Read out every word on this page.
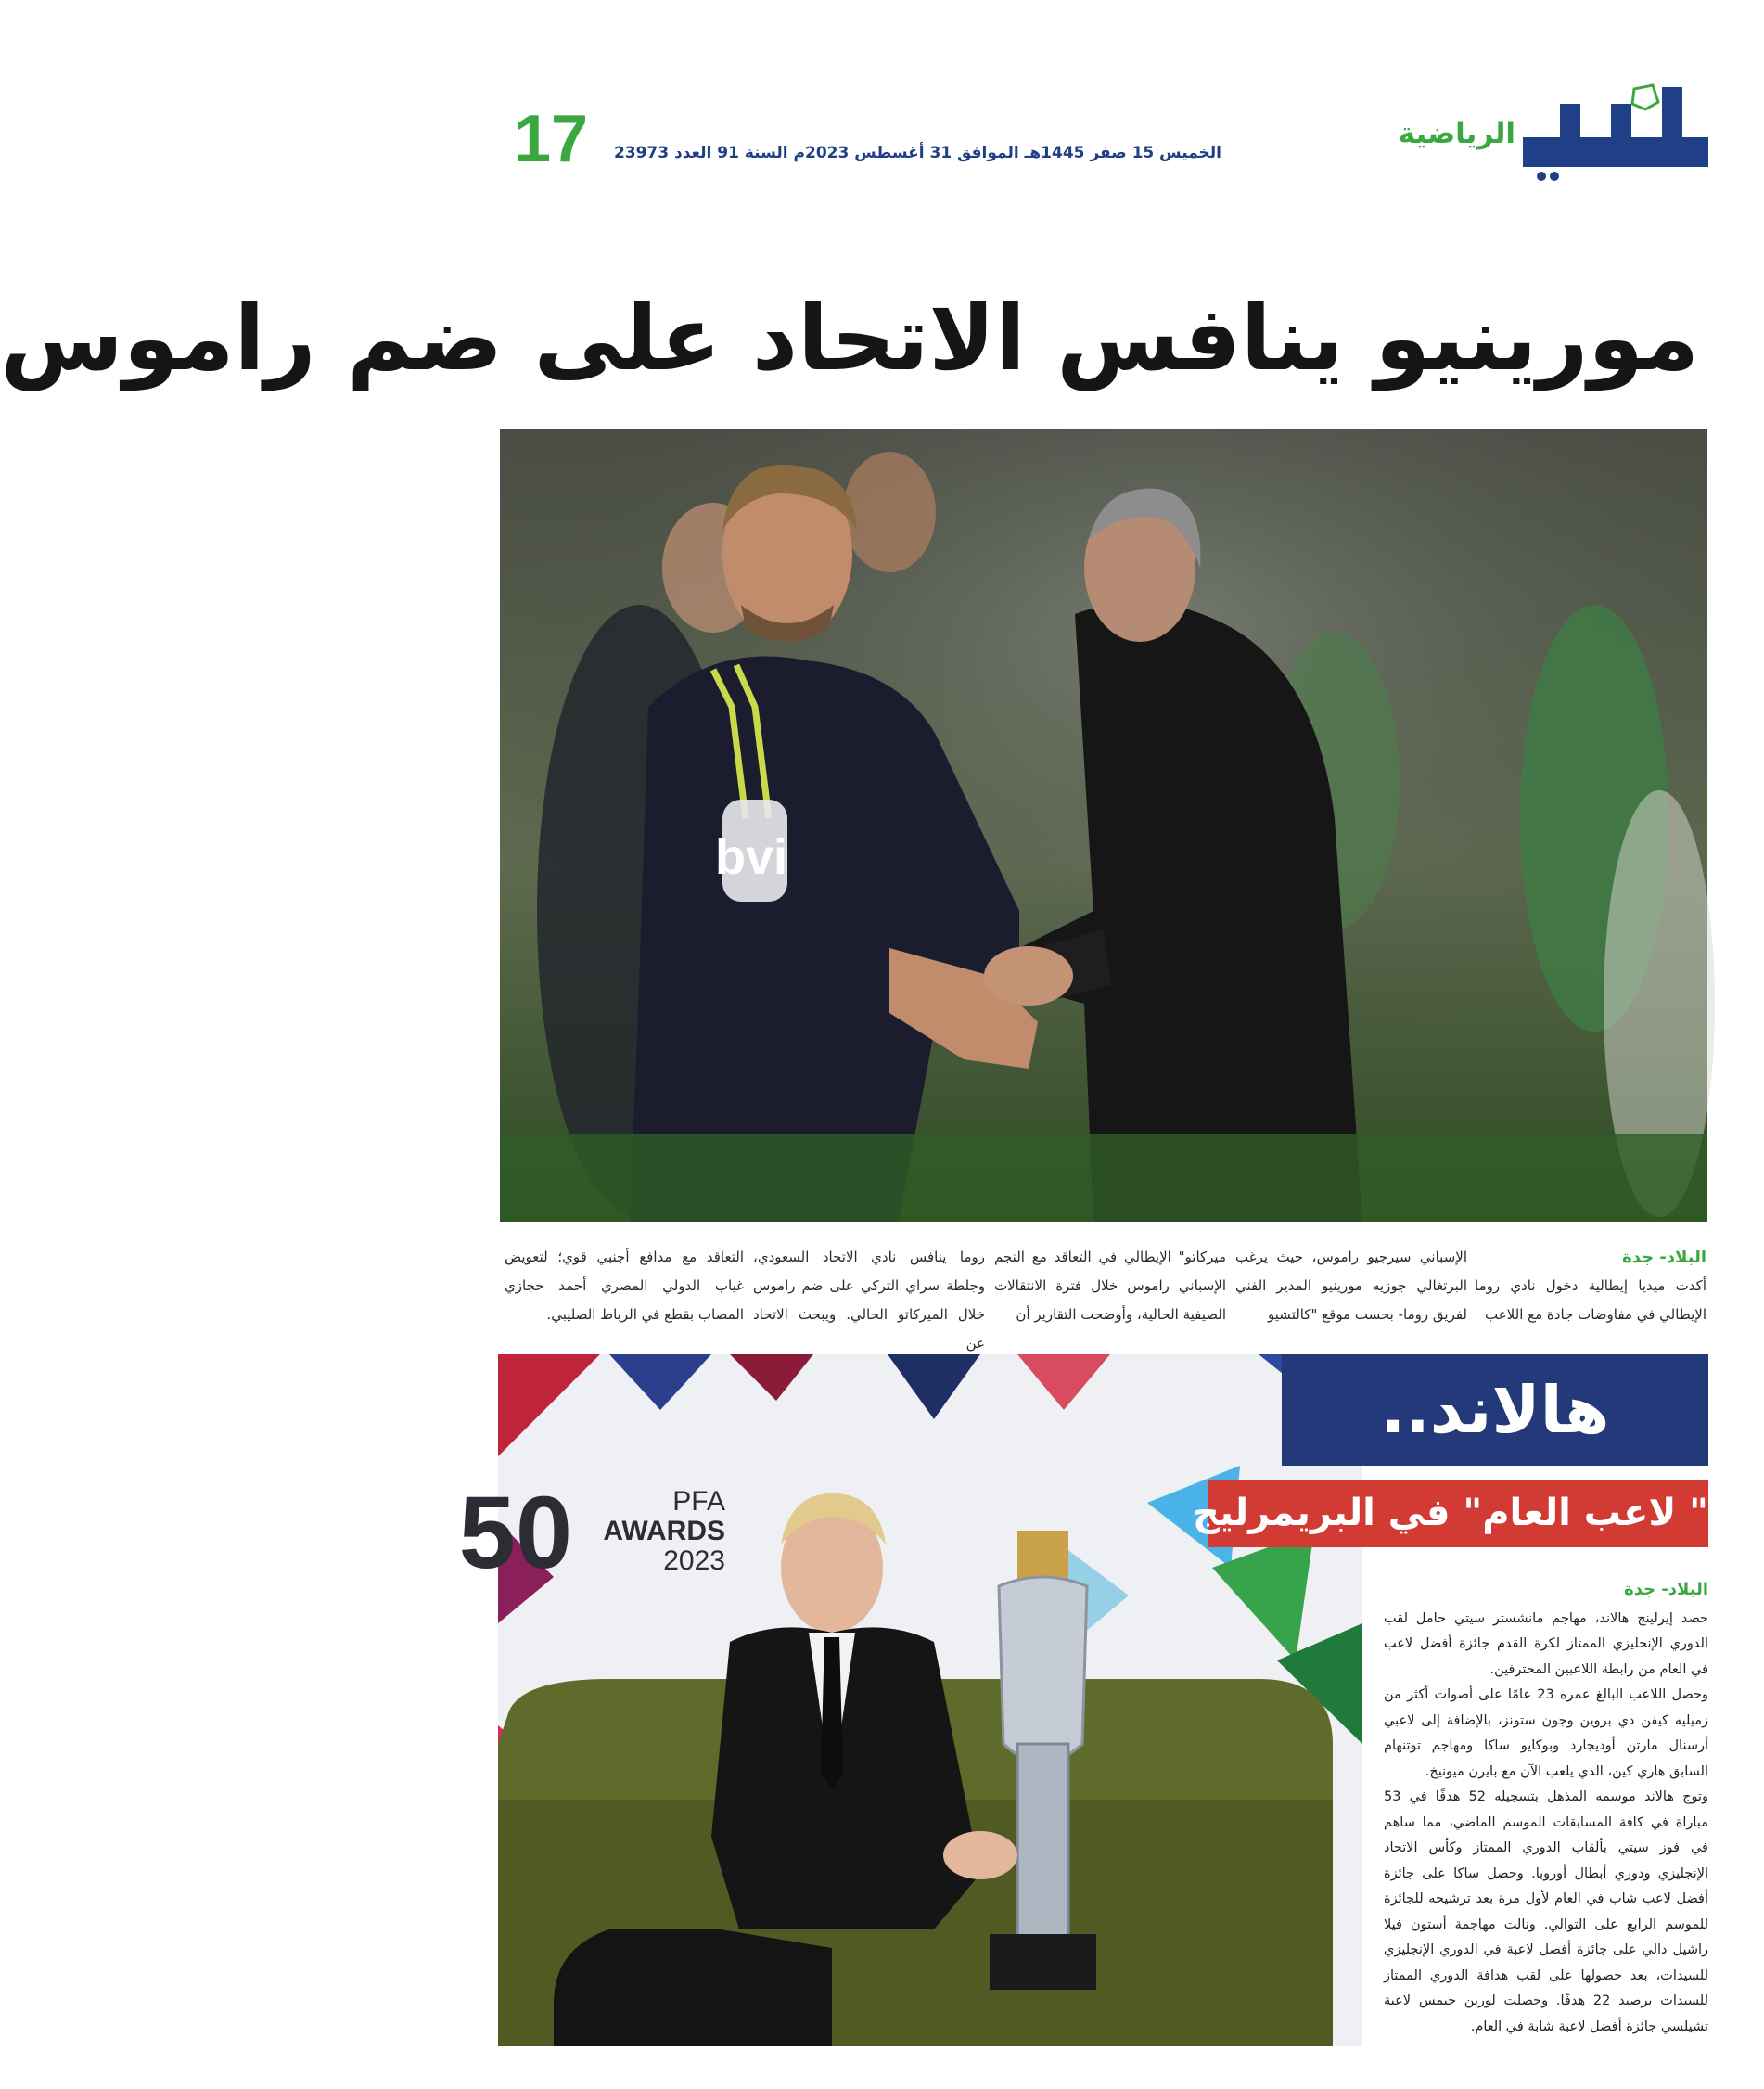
الرياضية
الخميس 15 صفر 1445هـ الموافق 31 أغسطس 2023م السنة 91 العدد 23973
17
مورينيو ينافس الاتحاد على ضم راموس
bvi
البلاد- جدة
أكدت ميديا إيطالية دخول نادي روما الإيطالي في مفاوضات جادة مع اللاعب
الإسباني سيرجيو راموس، حيث يرغب البرتغالي جوزيه مورينيو المدير الفني لفريق روما- بحسب موقع "كالتشيو
ميركاتو" الإيطالي في التعاقد مع النجم الإسباني راموس خلال فترة الانتقالات الصيفية الحالية، وأوضحت التقارير أن
روما ينافس نادي الاتحاد السعودي، وجلطة سراي التركي على ضم راموس خلال الميركاتو الحالي. ويبحث الاتحاد عن
التعاقد مع مدافع أجنبي قوي؛ لتعويض غياب الدولي المصري أحمد حجازي المصاب بقطع في الرباط الصليبي.
50	PFA
AWARDS
2023
هالاند..
" لاعب العام" في البريمرليج
البلاد- جدة

حصد إيرلينج هالاند، مهاجم مانشستر سيتي حامل لقب الدوري الإنجليزي الممتاز لكرة القدم جائزة أفضل لاعب في العام من رابطة اللاعبين المحترفين.

وحصل اللاعب البالغ عمره 23 عامًا على أصوات أكثر من زميليه كيفن دي بروين وجون ستونز، بالإضافة إلى لاعبي أرسنال مارتن أوديجارد وبوكايو ساكا ومهاجم توتنهام السابق هاري كين، الذي يلعب الآن مع بايرن ميونيخ.

وتوج هالاند موسمه المذهل بتسجيله 52 هدفًا في 53 مباراة في كافة المسابقات الموسم الماضي، مما ساهم في فوز سيتي بألقاب الدوري الممتاز وكأس الاتحاد الإنجليزي ودوري أبطال أوروبا. وحصل ساكا على جائزة أفضل لاعب شاب في العام لأول مرة بعد ترشيحه للجائزة للموسم الرابع على التوالي. ونالت مهاجمة أستون فيلا راشيل دالي على جائزة أفضل لاعبة في الدوري الإنجليزي للسيدات، بعد حصولها على لقب هدافة الدوري الممتاز للسيدات برصيد 22 هدفًا. وحصلت لورين جيمس لاعبة تشيلسي جائزة أفضل لاعبة شابة في العام.
